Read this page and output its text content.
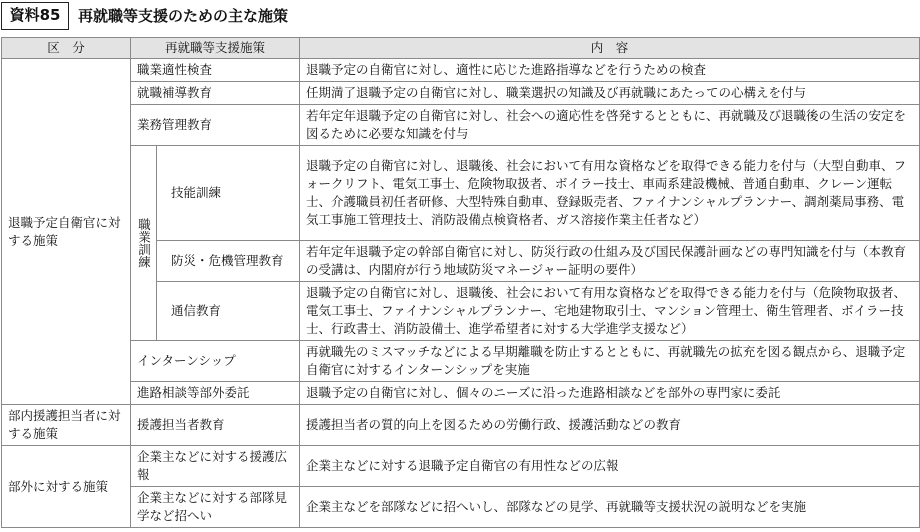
資料85	再就職等支援のための主な施策
区　分	再就職等支援施策		内　容
退職予定自衛官に対する施策	職業適性検査		退職予定の自衛官に対し、適性に応じた進路指導などを行うための検査
	就職補導教育		任期満了退職予定の自衛官に対し、職業選択の知識及び再就職にあたっての心構えを付与
	業務管理教育		若年定年退職予定の自衛官に対し、社会への適応性を啓発するとともに、再就職及び退職後の生活の安定を図るために必要な知識を付与
	職業訓練	技能訓練	退職予定の自衛官に対し、退職後、社会において有用な資格などを取得できる能力を付与（大型自動車、フォークリフト、電気工事士、危険物取扱者、ボイラー技士、車両系建設機械、普通自動車、クレーン運転士、介護職員初任者研修、大型特殊自動車、登録販売者、ファイナンシャルプランナー、調剤薬局事務、電気工事施工管理技士、消防設備点検資格者、ガス溶接作業主任者など）
		防災・危機管理教育	若年定年退職予定の幹部自衛官に対し、防災行政の仕組み及び国民保護計画などの専門知識を付与（本教育の受講は、内閣府が行う地域防災マネージャー証明の要件）
		通信教育	退職予定の自衛官に対し、退職後、社会において有用な資格などを取得できる能力を付与（危険物取扱者、電気工事士、ファイナンシャルプランナー、宅地建物取引士、マンション管理士、衛生管理者、ボイラー技士、行政書士、消防設備士、進学希望者に対する大学進学支援など）
	インターンシップ		再就職先のミスマッチなどによる早期離職を防止するとともに、再就職先の拡充を図る観点から、退職予定自衛官に対するインターンシップを実施
	進路相談等部外委託		退職予定の自衛官に対し、個々のニーズに沿った進路相談などを部外の専門家に委託
部内援護担当者に対する施策	援護担当者教育		援護担当者の質的向上を図るための労働行政、援護活動などの教育
部外に対する施策	企業主などに対する援護広報		企業主などに対する退職予定自衛官の有用性などの広報
	企業主などに対する部隊見学など招へい		企業主などを部隊などに招へいし、部隊などの見学、再就職等支援状況の説明などを実施
